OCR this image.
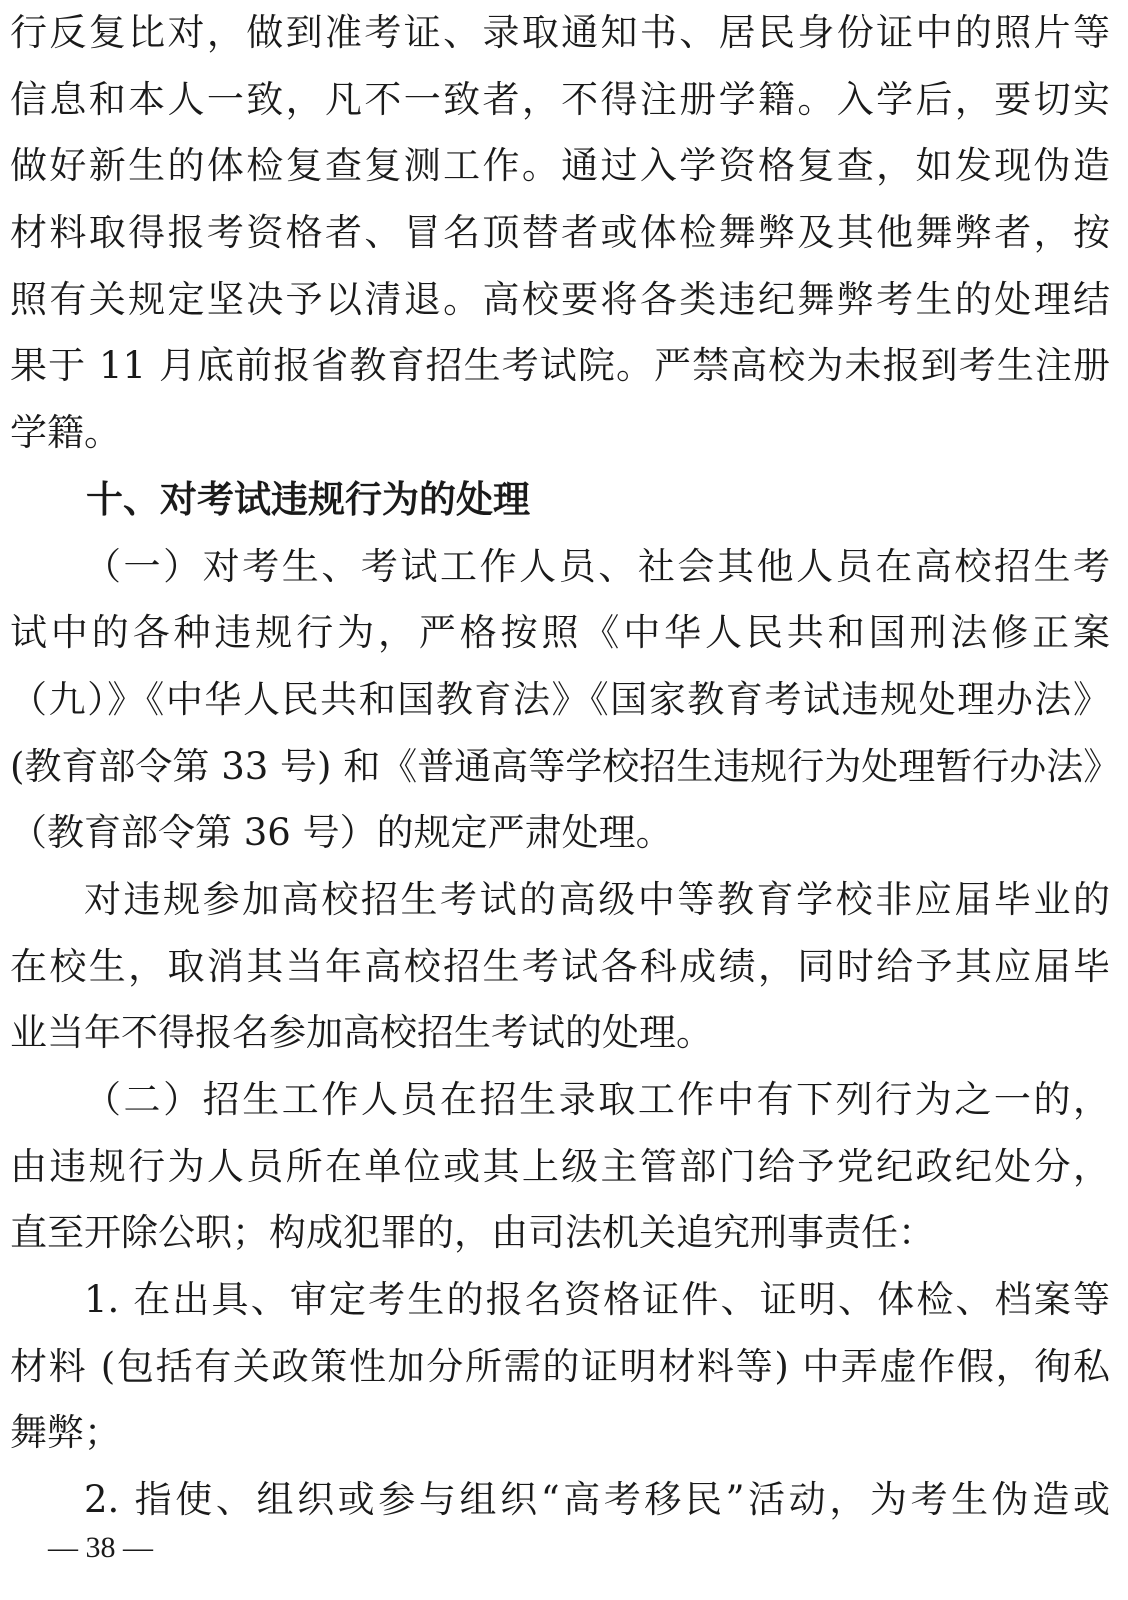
行反复比对，做到准考证、录取通知书、居民身份证中的照片等
信息和本人一致，凡不一致者，不得注册学籍。入学后，要切实
做好新生的体检复查复测工作。通过入学资格复查，如发现伪造
材料取得报考资格者、冒名顶替者或体检舞弊及其他舞弊者，按
照有关规定坚决予以清退。高校要将各类违纪舞弊考生的处理结
果于 11 月底前报省教育招生考试院。严禁高校为未报到考生注册
学籍。
十、对考试违规行为的处理
（一）对考生、考试工作人员、社会其他人员在高校招生考
试中的各种违规行为，严格按照《中华人民共和国刑法修正案
（九）》《中华人民共和国教育法》《国家教育考试违规处理办法》
(教育部令第 33 号) 和《普通高等学校招生违规行为处理暂行办法》
（教育部令第 36 号）的规定严肃处理。
对违规参加高校招生考试的高级中等教育学校非应届毕业的
在校生，取消其当年高校招生考试各科成绩，同时给予其应届毕
业当年不得报名参加高校招生考试的处理。
（二）招生工作人员在招生录取工作中有下列行为之一的，
由违规行为人员所在单位或其上级主管部门给予党纪政纪处分，
直至开除公职；构成犯罪的，由司法机关追究刑事责任：
1. 在出具、审定考生的报名资格证件、证明、体检、档案等
材料 (包括有关政策性加分所需的证明材料等) 中弄虚作假，徇私
舞弊；
2. 指使、组织或参与组织“高考移民”活动，为考生伪造或
— 38 —
